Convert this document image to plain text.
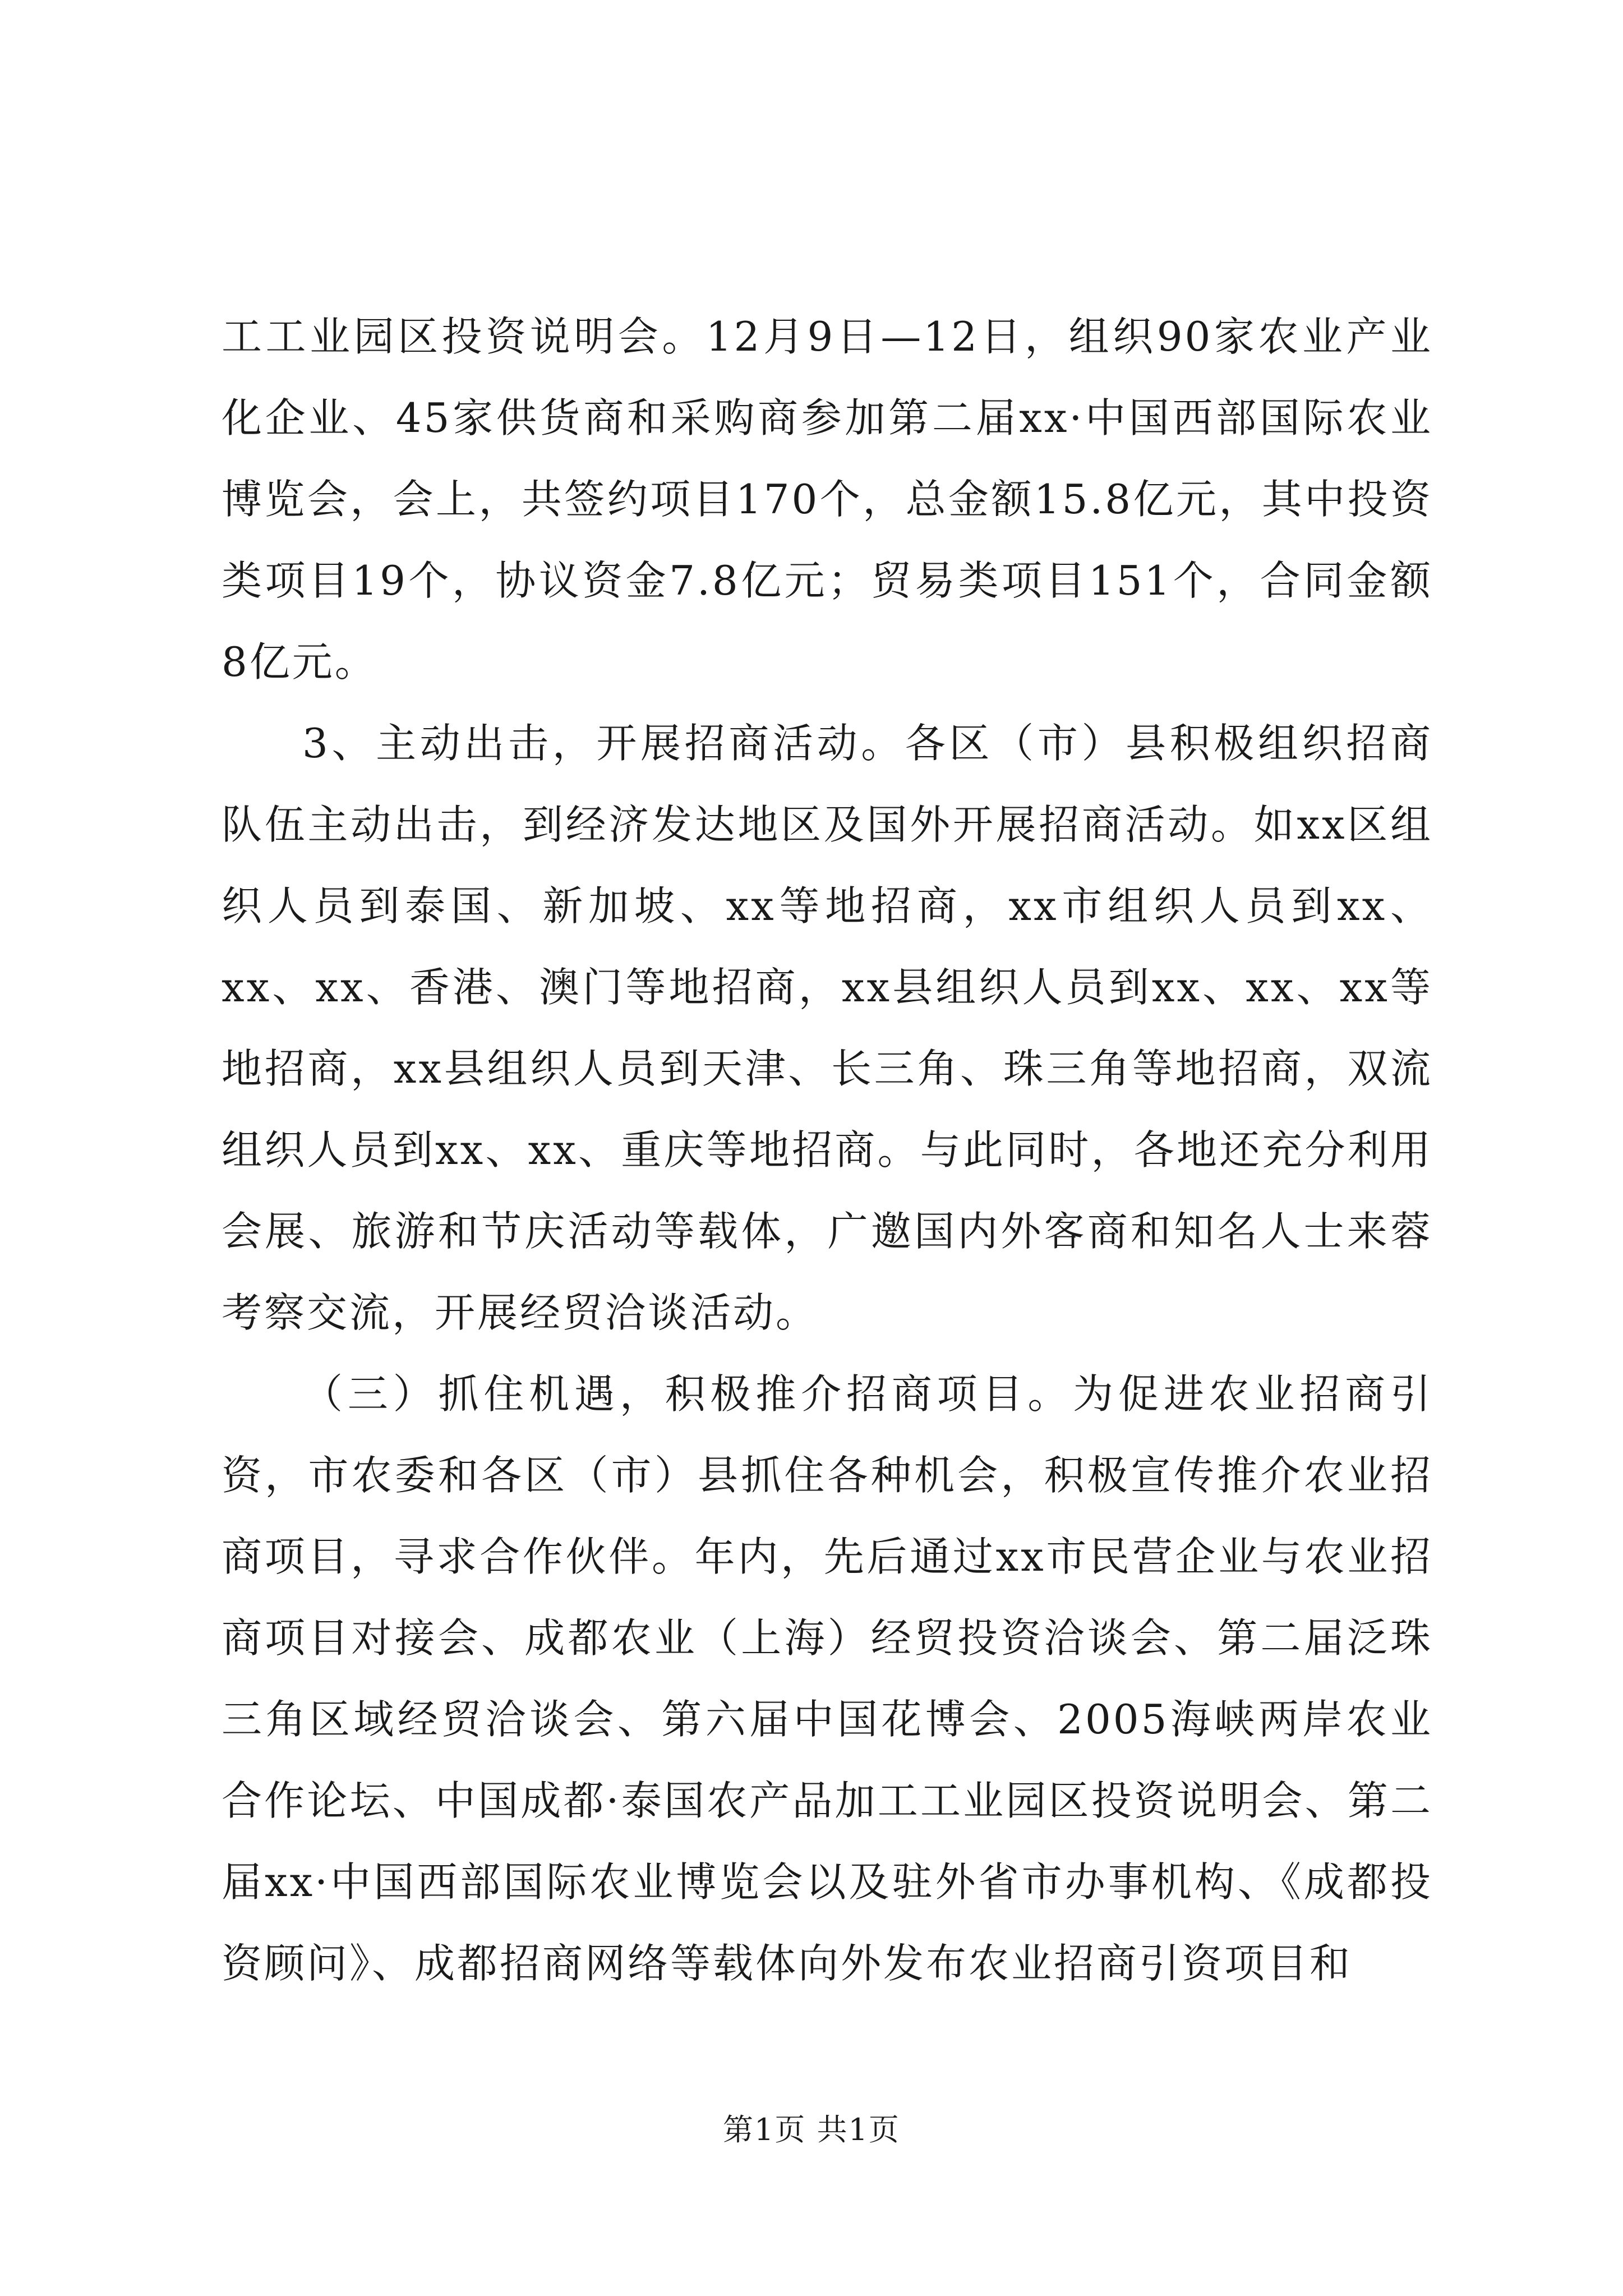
工工业园区投资说明会。12月9日—12日，组织90家农业产业化企业、45家供货商和采购商参加第二届xx·中国西部国际农业博览会，会上，共签约项目170个，总金额15.8亿元，其中投资类项目19个，协议资金7.8亿元；贸易类项目151个，合同金额8亿元。

3、主动出击，开展招商活动。各区（市）县积极组织招商队伍主动出击，到经济发达地区及国外开展招商活动。如xx区组织人员到泰国、新加坡、xx等地招商，xx市组织人员到xx、xx、xx、香港、澳门等地招商，xx县组织人员到xx、xx、xx等地招商，xx县组织人员到天津、长三角、珠三角等地招商，双流组织人员到xx、xx、重庆等地招商。与此同时，各地还充分利用会展、旅游和节庆活动等载体，广邀国内外客商和知名人士来蓉考察交流，开展经贸洽谈活动。

（三）抓住机遇，积极推介招商项目。为促进农业招商引资，市农委和各区（市）县抓住各种机会，积极宣传推介农业招商项目，寻求合作伙伴。年内，先后通过xx市民营企业与农业招商项目对接会、成都农业（上海）经贸投资洽谈会、第二届泛珠三角区域经贸洽谈会、第六届中国花博会、2005海峡两岸农业合作论坛、中国成都·泰国农产品加工工业园区投资说明会、第二届xx·中国西部国际农业博览会以及驻外省市办事机构、《成都投资顾问》、成都招商网络等载体向外发布农业招商引资项目和

第1页 共1页
